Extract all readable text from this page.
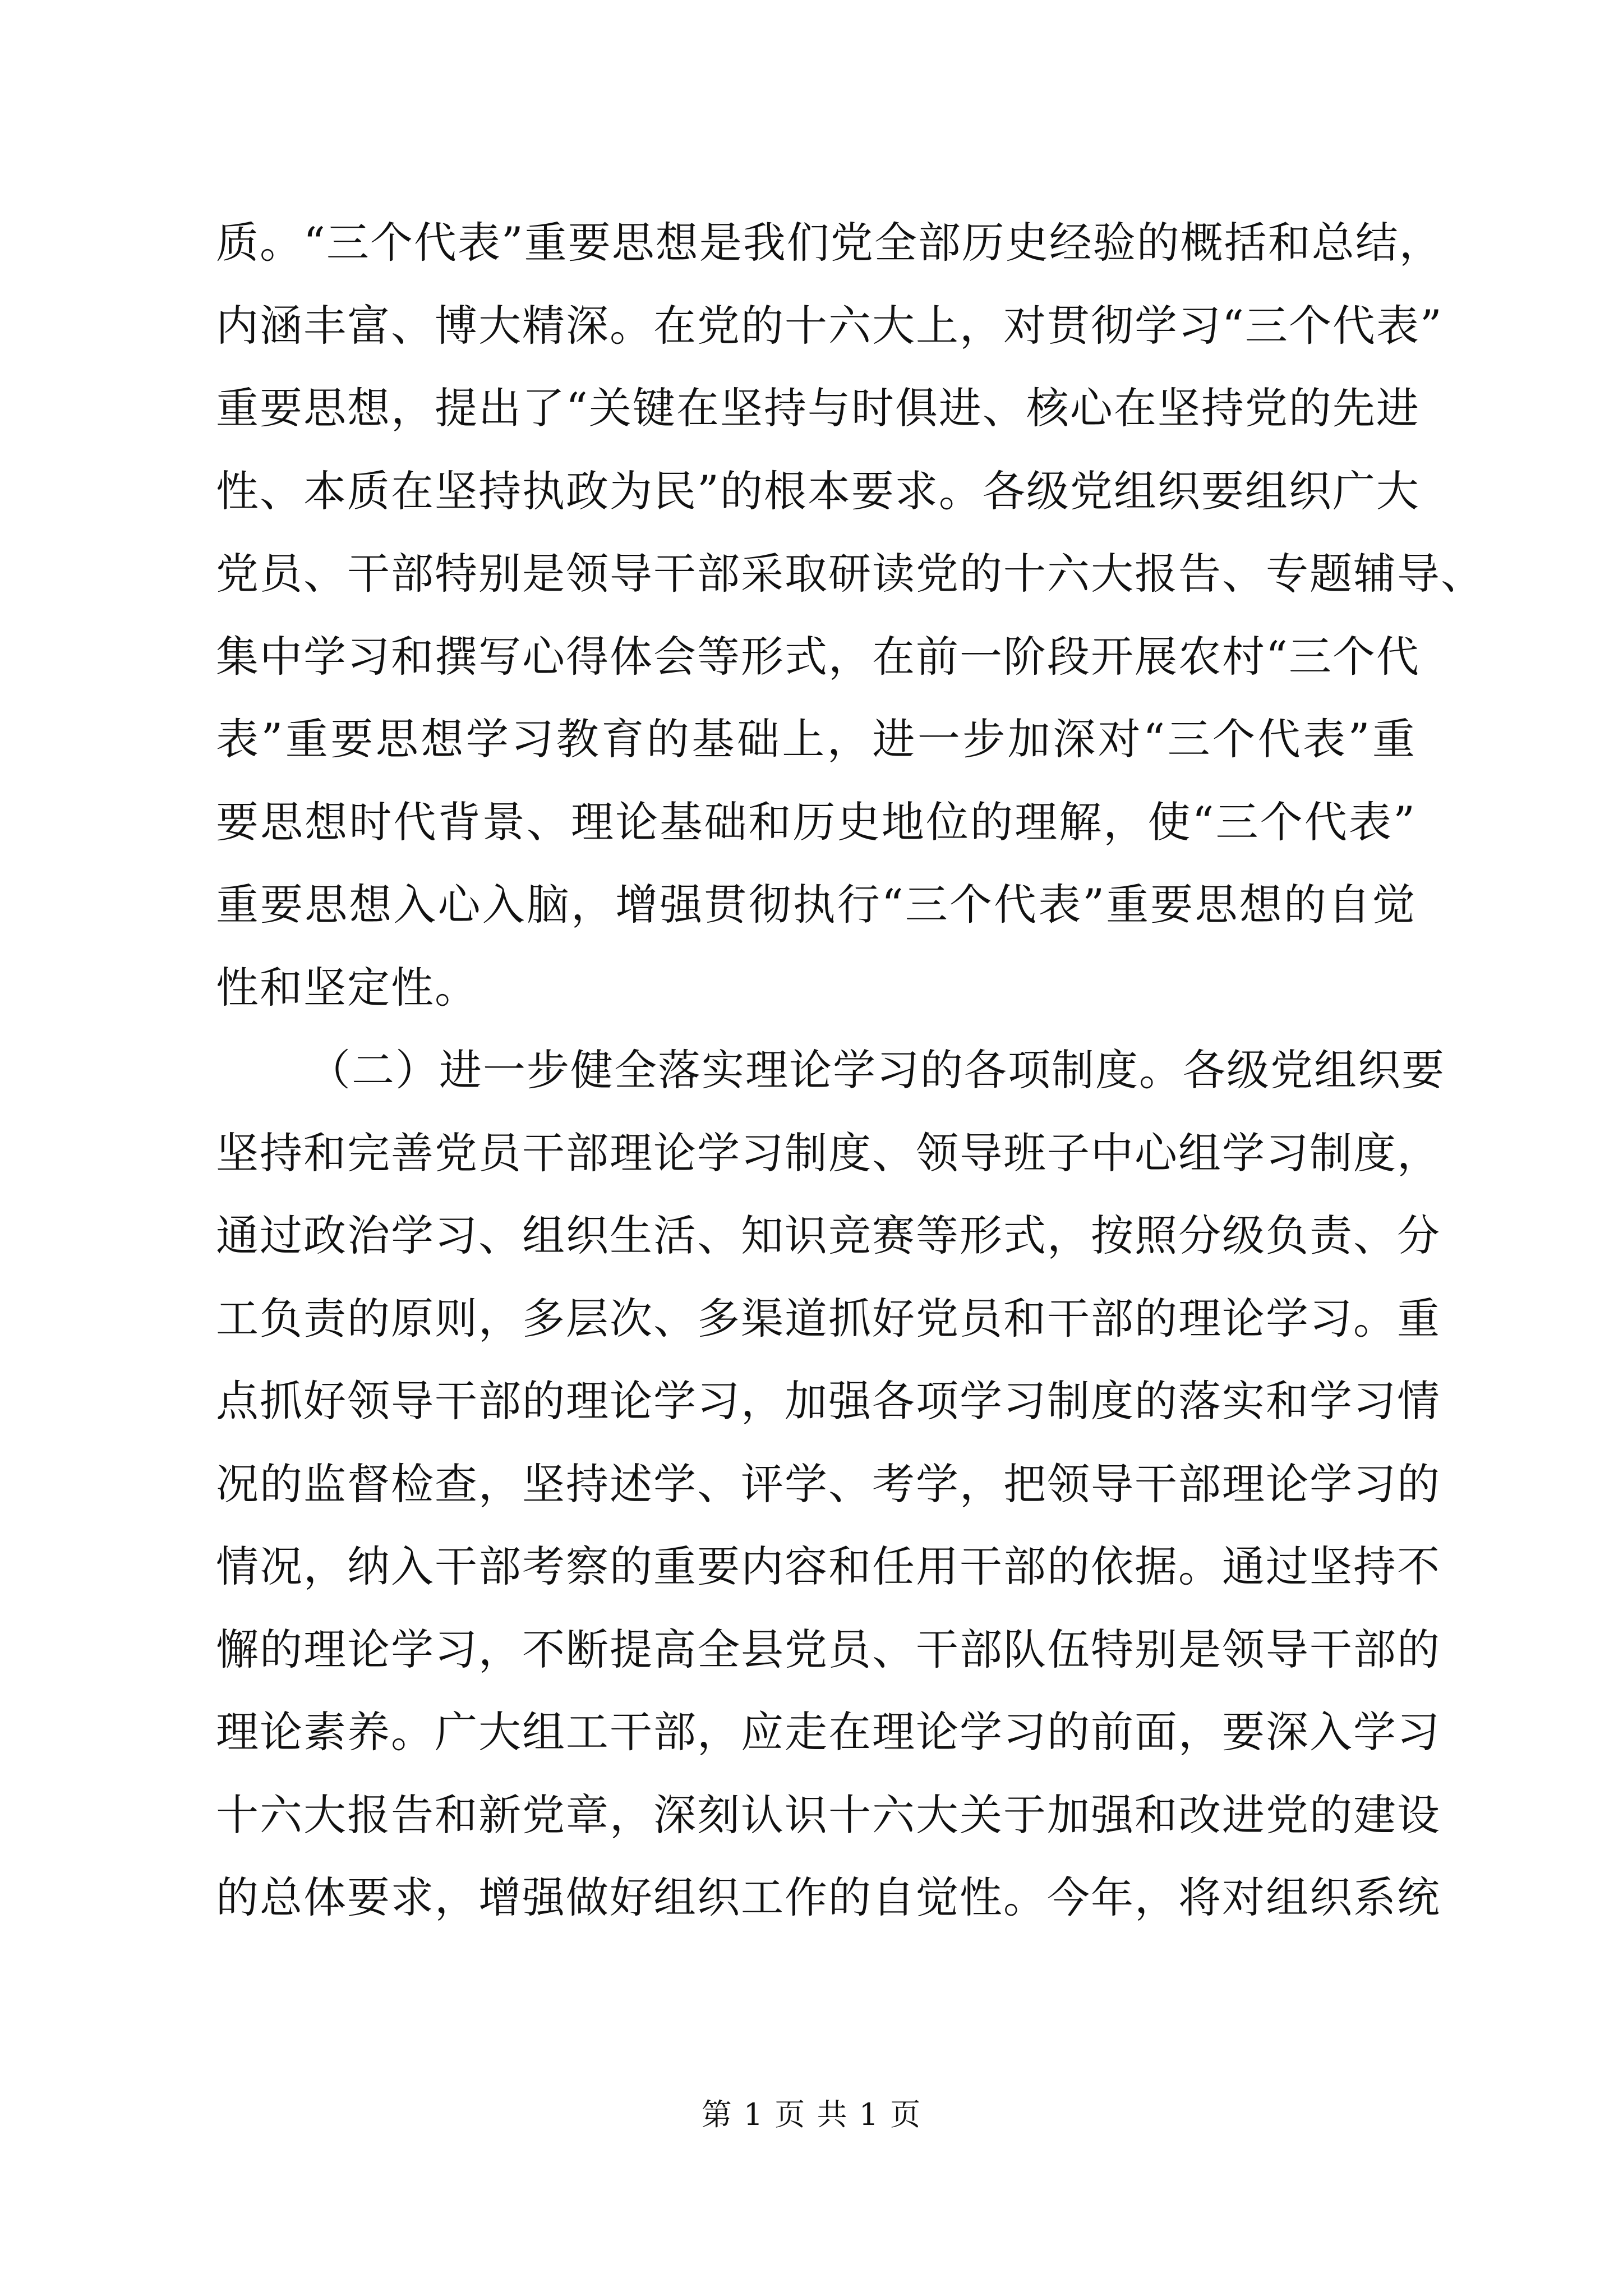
质。“三个代表”重要思想是我们党全部历史经验的概括和总结，
内涵丰富、博大精深。在党的十六大上，对贯彻学习“三个代表”
重要思想，提出了“关键在坚持与时俱进、核心在坚持党的先进
性、本质在坚持执政为民”的根本要求。各级党组织要组织广大
党员、干部特别是领导干部采取研读党的十六大报告、专题辅导、
集中学习和撰写心得体会等形式，在前一阶段开展农村“三个代
表”重要思想学习教育的基础上，进一步加深对“三个代表”重
要思想时代背景、理论基础和历史地位的理解，使“三个代表”
重要思想入心入脑，增强贯彻执行“三个代表”重要思想的自觉
性和坚定性。
（二）进一步健全落实理论学习的各项制度。各级党组织要
坚持和完善党员干部理论学习制度、领导班子中心组学习制度，
通过政治学习、组织生活、知识竞赛等形式，按照分级负责、分
工负责的原则，多层次、多渠道抓好党员和干部的理论学习。重
点抓好领导干部的理论学习，加强各项学习制度的落实和学习情
况的监督检查，坚持述学、评学、考学，把领导干部理论学习的
情况，纳入干部考察的重要内容和任用干部的依据。通过坚持不
懈的理论学习，不断提高全县党员、干部队伍特别是领导干部的
理论素养。广大组工干部，应走在理论学习的前面，要深入学习
十六大报告和新党章，深刻认识十六大关于加强和改进党的建设
的总体要求，增强做好组织工作的自觉性。今年，将对组织系统
第 1 页 共 1 页
